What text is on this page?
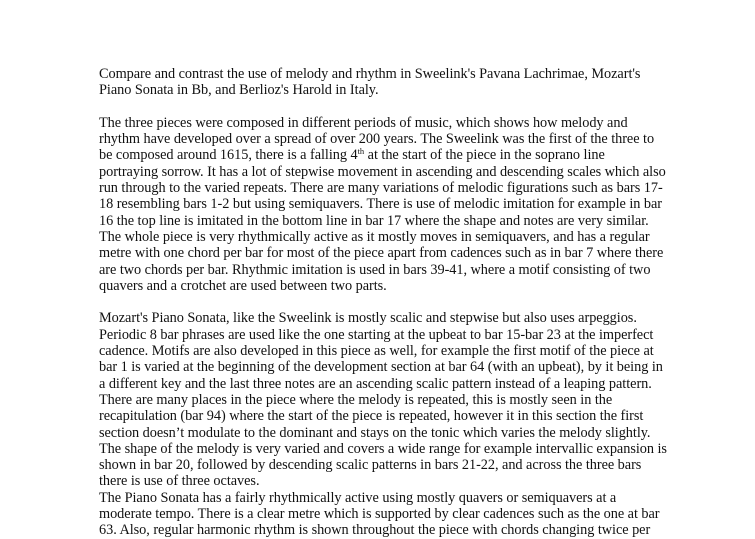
Compare and contrast the use of melody and rhythm in Sweelink's Pavana Lachrimae, Mozart's
Piano Sonata in Bb, and Berlioz's Harold in Italy.
The three pieces were composed in different periods of music, which shows how melody and
rhythm have developed over a spread of over 200 years. The Sweelink was the first of the three to
be composed around 1615, there is a falling 4th at the start of the piece in the soprano line
portraying sorrow. It has a lot of stepwise movement in ascending and descending scales which also
run through to the varied repeats. There are many variations of melodic figurations such as bars 17-
18 resembling bars 1-2 but using semiquavers. There is use of melodic imitation for example in bar
16 the top line is imitated in the bottom line in bar 17 where the shape and notes are very similar.
The whole piece is very rhythmically active as it mostly moves in semiquavers, and has a regular
metre with one chord per bar for most of the piece apart from cadences such as in bar 7 where there
are two chords per bar. Rhythmic imitation is used in bars 39-41, where a motif consisting of two
quavers and a crotchet are used between two parts.
Mozart's Piano Sonata, like the Sweelink is mostly scalic and stepwise but also uses arpeggios.
Periodic 8 bar phrases are used like the one starting at the upbeat to bar 15-bar 23 at the imperfect
cadence. Motifs are also developed in this piece as well, for example the first motif of the piece at
bar 1 is varied at the beginning of the development section at bar 64 (with an upbeat), by it being in
a different key and the last three notes are an ascending scalic pattern instead of a leaping pattern.
There are many places in the piece where the melody is repeated, this is mostly seen in the
recapitulation (bar 94) where the start of the piece is repeated, however it in this section the first
section doesn’t modulate to the dominant and stays on the tonic which varies the melody slightly.
The shape of the melody is very varied and covers a wide range for example intervallic expansion is
shown in bar 20, followed by descending scalic patterns in bars 21-22, and across the three bars
there is use of three octaves.
The Piano Sonata has a fairly rhythmically active using mostly quavers or semiquavers at a
moderate tempo. There is a clear metre which is supported by clear cadences such as the one at bar
63. Also, regular harmonic rhythm is shown throughout the piece with chords changing twice per
